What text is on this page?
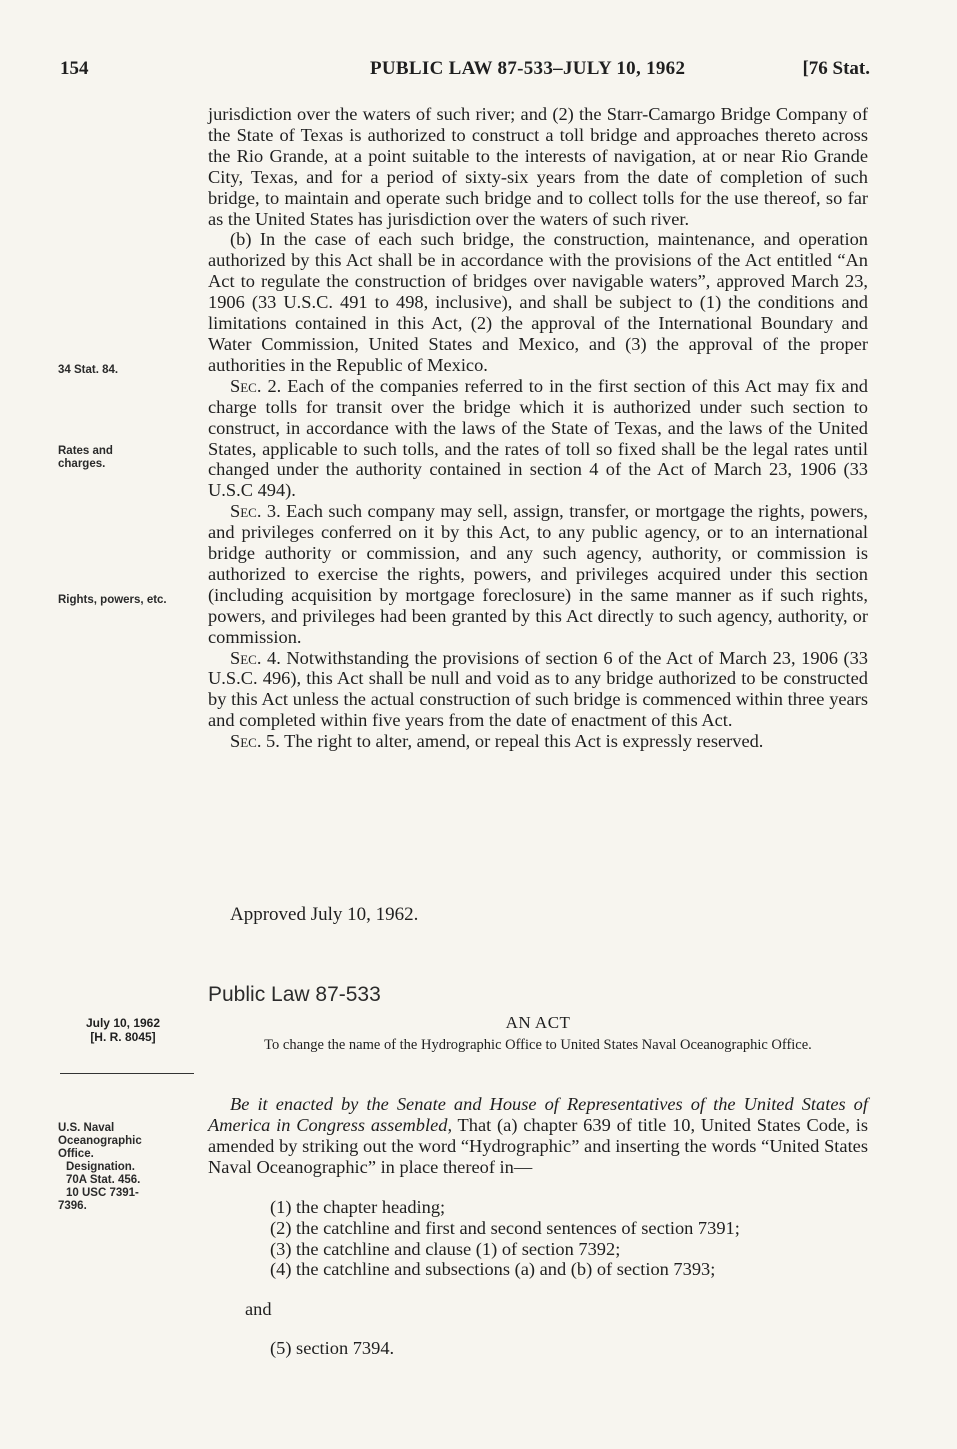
154	PUBLIC LAW 87-533–JULY 10, 1962	[76 Stat.

jurisdiction over the waters of such river; and (2) the Starr-Camargo Bridge Company of the State of Texas is authorized to construct a toll bridge and approaches thereto across the Rio Grande, at a point suitable to the interests of navigation, at or near Rio Grande City, Texas, and for a period of sixty-six years from the date of completion of such bridge, to maintain and operate such bridge and to collect tolls for the use thereof, so far as the United States has jurisdiction over the waters of such river.

(b) In the case of each such bridge, the construction, maintenance, and operation authorized by this Act shall be in accordance with the provisions of the Act entitled “An Act to regulate the construction of bridges over navigable waters”, approved March 23, 1906 (33 U.S.C. 491 to 498, inclusive), and shall be subject to (1) the conditions and limitations contained in this Act, (2) the approval of the International Boundary and Water Commission, United States and Mexico, and (3) the approval of the proper authorities in the Republic of Mexico.

Sec. 2. Each of the companies referred to in the first section of this Act may fix and charge tolls for transit over the bridge which it is authorized under such section to construct, in accordance with the laws of the State of Texas, and the laws of the United States, applicable to such tolls, and the rates of toll so fixed shall be the legal rates until changed under the authority contained in section 4 of the Act of March 23, 1906 (33 U.S.C 494).

Sec. 3. Each such company may sell, assign, transfer, or mortgage the rights, powers, and privileges conferred on it by this Act, to any public agency, or to an international bridge authority or commission, and any such agency, authority, or commission is authorized to exercise the rights, powers, and privileges acquired under this section (including acquisition by mortgage foreclosure) in the same manner as if such rights, powers, and privileges had been granted by this Act directly to such agency, authority, or commission.

Sec. 4. Notwithstanding the provisions of section 6 of the Act of March 23, 1906 (33 U.S.C. 496), this Act shall be null and void as to any bridge authorized to be constructed by this Act unless the actual construction of such bridge is commenced within three years and completed within five years from the date of enactment of this Act.

Sec. 5. The right to alter, amend, or repeal this Act is expressly reserved.

Approved July 10, 1962.
34 Stat. 84.
Rates and charges.
Rights, powers, etc.
Public Law 87-533
AN ACT
To change the name of the Hydrographic Office to United States Naval Oceanographic Office.
July 10, 1962
[H. R. 8045]
U.S. Naval
Oceanographic
Office.
Designation.
70A Stat. 456.
10 USC 7391-
7396.

Be it enacted by the Senate and House of Representatives of the United States of America in Congress assembled, That (a) chapter 639 of title 10, United States Code, is amended by striking out the word “Hydrographic” and inserting the words “United States Naval Oceanographic” in place thereof in—

(1) the chapter heading;

(2) the catchline and first and second sentences of section 7391;

(3) the catchline and clause (1) of section 7392;

(4) the catchline and subsections (a) and (b) of section 7393;

and

(5) section 7394.
